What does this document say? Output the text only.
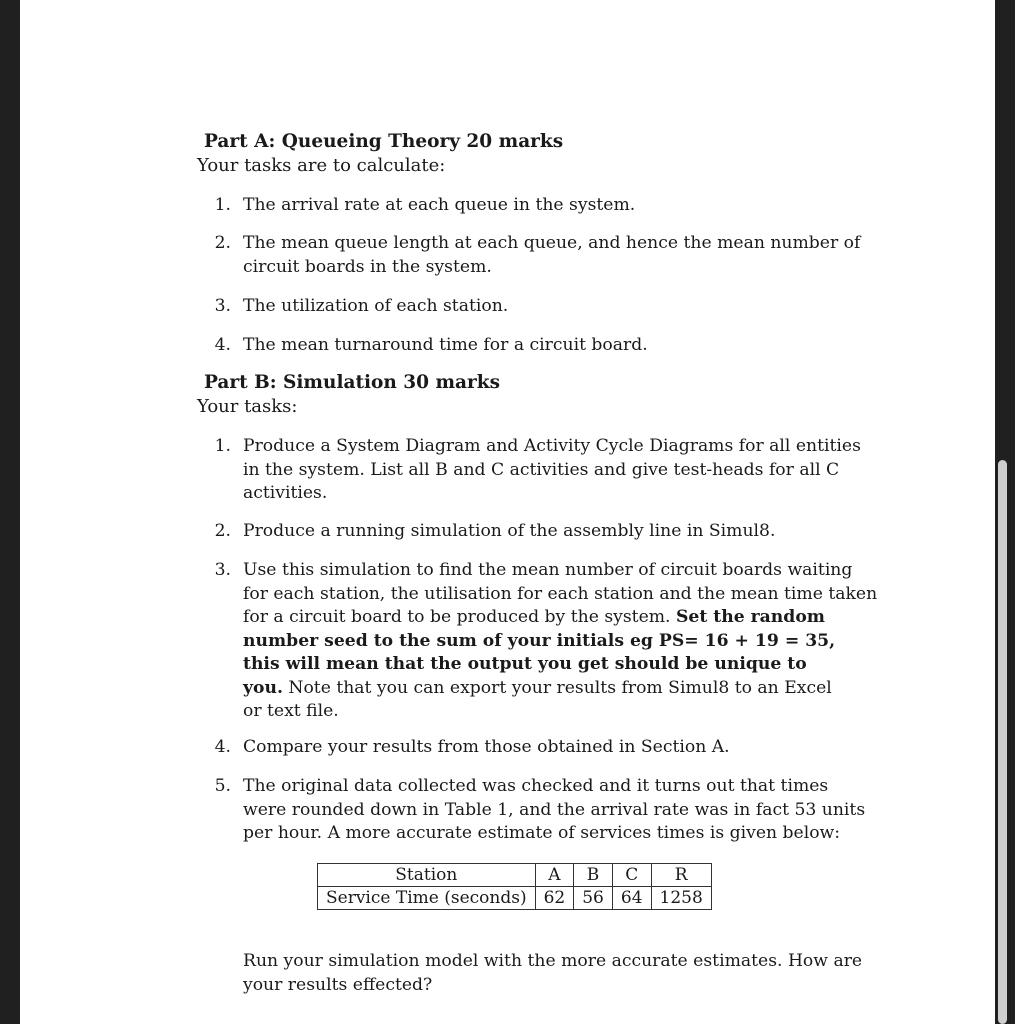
Part A: Queueing Theory 20 marks
Your tasks are to calculate:
1. The arrival rate at each queue in the system.
2. The mean queue length at each queue, and hence the mean number of
circuit boards in the system.
3. The utilization of each station.
4. The mean turnaround time for a circuit board.
Part B: Simulation 30 marks
Your tasks:
1. Produce a System Diagram and Activity Cycle Diagrams for all entities
in the system. List all B and C activities and give test-heads for all C
activities.
2. Produce a running simulation of the assembly line in Simul8.
3. Use this simulation to find the mean number of circuit boards waiting
for each station, the utilisation for each station and the mean time taken
for a circuit board to be produced by the system. Set the random
number seed to the sum of your initials eg PS= 16 + 19 = 35,
this will mean that the output you get should be unique to
you. Note that you can export your results from Simul8 to an Excel
or text file.
4. Compare your results from those obtained in Section A.
5. The original data collected was checked and it turns out that times
were rounded down in Table 1, and the arrival rate was in fact 53 units
per hour. A more accurate estimate of services times is given below:
Station	A	B	C	R
Service Time (seconds)	62	56	64	1258
Run your simulation model with the more accurate estimates. How are
your results effected?
